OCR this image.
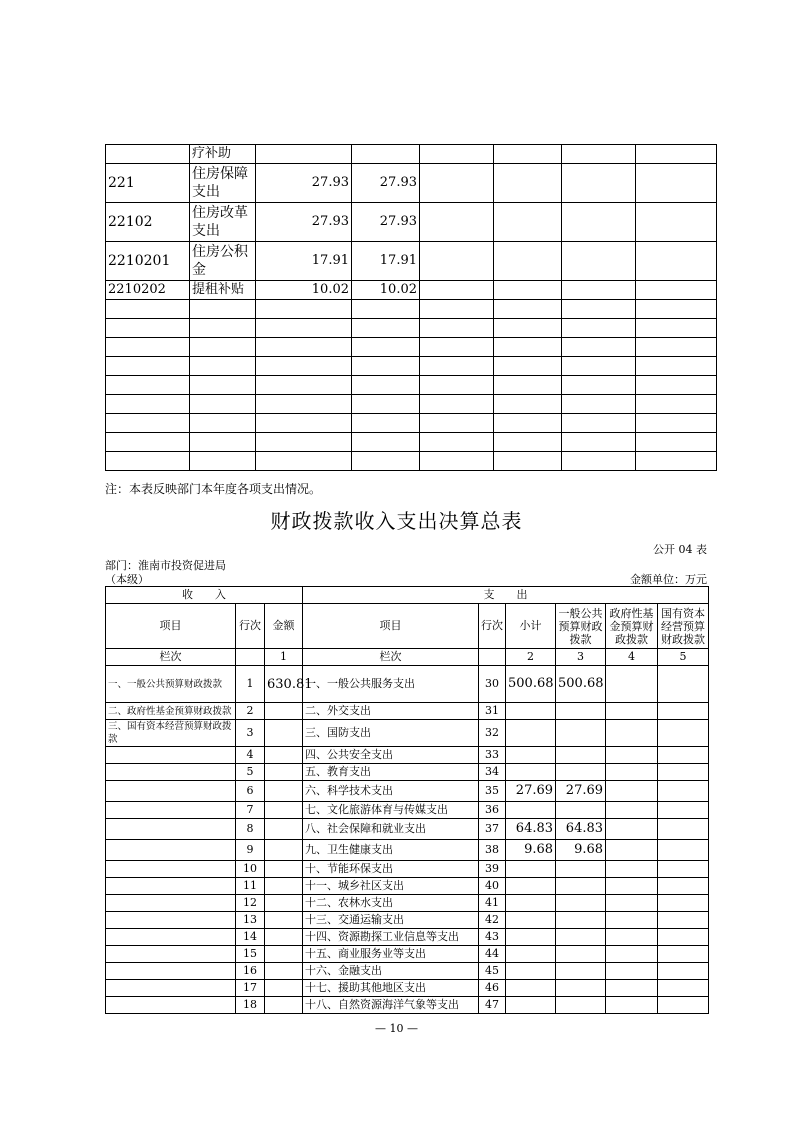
	疗补助						
221	住房保障支出	27.93	27.93				
22102	住房改革支出	27.93	27.93				
2210201	住房公积金	17.91	17.91				
2210202	提租补贴	10.02	10.02				

注：本表反映部门本年度各项支出情况。
财政拨款收入支出决算总表
公开 04 表
部门：淮南市投资促进局
（本级）	金额单位：万元
收　　入			支　　出					
项目	行次	金额	项目	行次	小计	一般公共预算财政拨款	政府性基金预算财政拨款	国有资本经营预算财政拨款
栏次		1	栏次		2	3	4	5
一、一般公共预算财政拨款	1	630.81	一、一般公共服务支出	30	500.68	500.68		
二、政府性基金预算财政拨款	2		二、外交支出	31				
三、国有资本经营预算财政拨款	3		三、国防支出	32				
	4		四、公共安全支出	33				
	5		五、教育支出	34				
	6		六、科学技术支出	35	27.69	27.69		
	7		七、文化旅游体育与传媒支出	36				
	8		八、社会保障和就业支出	37	64.83	64.83		
	9		九、卫生健康支出	38	9.68	9.68		
	10		十、节能环保支出	39				
	11		十一、城乡社区支出	40				
	12		十二、农林水支出	41				
	13		十三、交通运输支出	42				
	14		十四、资源勘探工业信息等支出	43				
	15		十五、商业服务业等支出	44				
	16		十六、金融支出	45				
	17		十七、援助其他地区支出	46				
	18		十八、自然资源海洋气象等支出	47				
— 10 —
